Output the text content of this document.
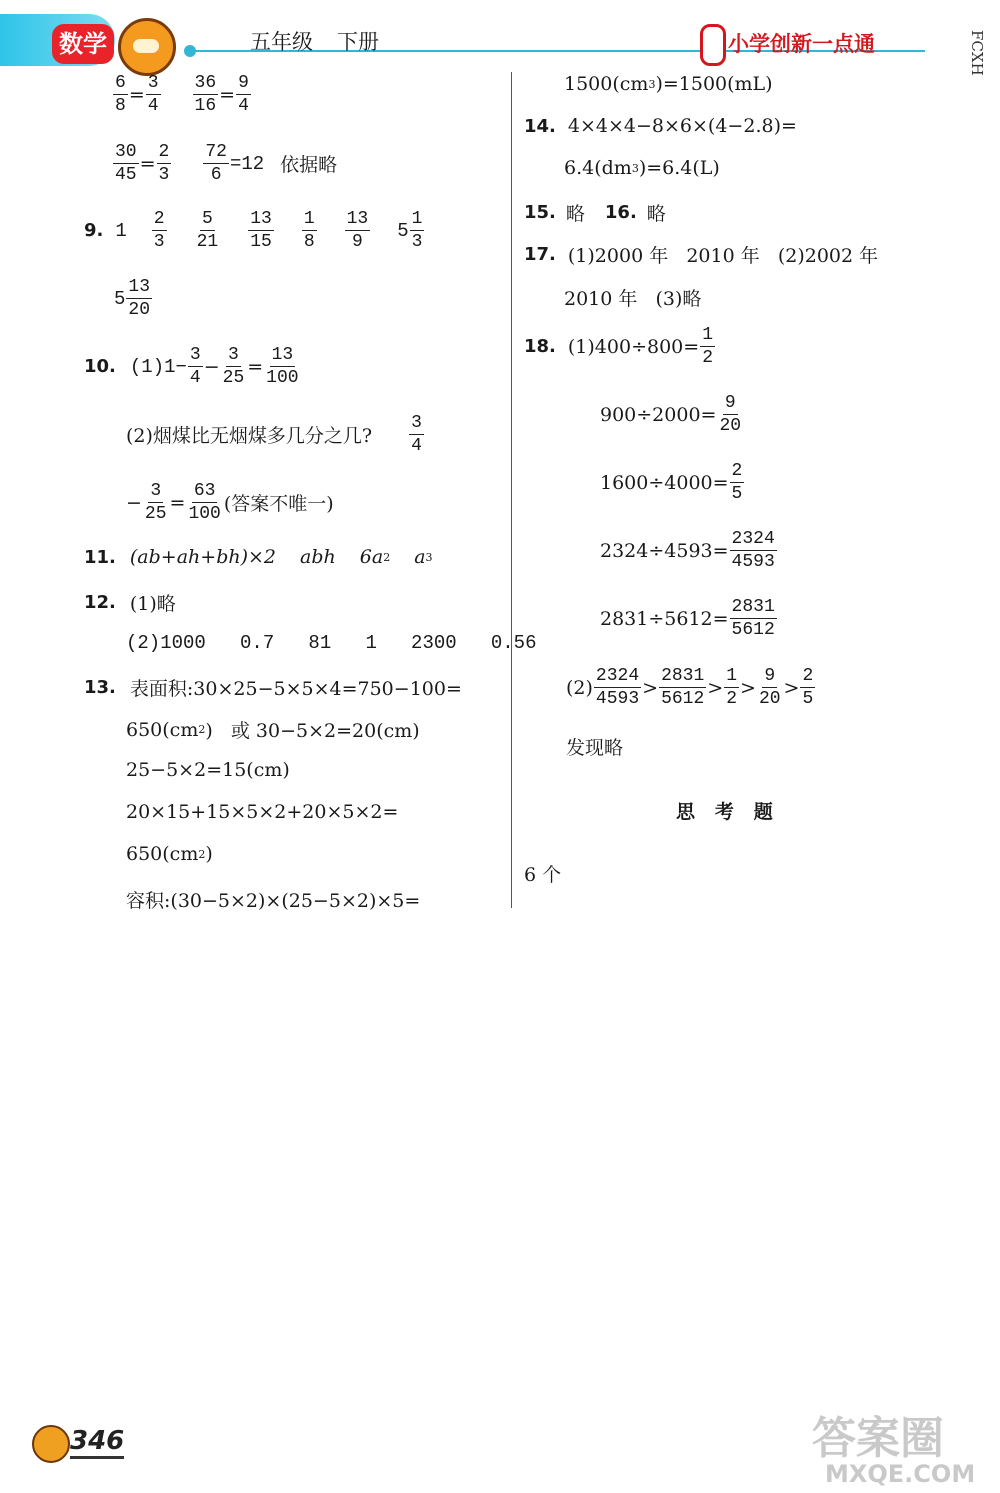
数学	五年级 下册	小学创新一点通	FCXH
6
8
=
3
4
36
16
=
9
4
30
45
=
2
$3 \frac{72}{6} =12$ 依据略
9. 1
2
3
5
21
13
15
1
8
13
9
5
1
3
5
13
20
10. $(1)1- \frac{3}{4} - \frac{3}{25} = \frac{13}{100}$
(2)烟煤比无烟煤多几分之几?
3
4
− $\frac{3}{25} = \frac{63}{100}$ (答案不唯一)
11. (ab+ah+bh)×2 abh 6a 2 a 3
12. (1)略
(2)1000   0.7   81   1   2300   0.56
13. 表面积:30×25−5×5×4=750−100=
650(cm 2 )   或 30−5×2=20(cm)
25−5×2=15(cm)
20×15+15×5×2+20×5×2=
650(cm 2 )
容积:(30−5×2)×(25−5×2)×5=
1500(cm 3 )=1500(mL)
14. 4×4×4−8×6×(4−2.8)=
6.4(dm 3 )=6.4(L)
15. 略 16. 略
17. (1)2000 年   2010 年   (2)2002 年
2010 年   (3)略
18. $(1)400\div 800= \frac{1}{2}$
$900\div 2000= \frac{9}{20}$
$1600\div 4000= \frac{2}{5}$
$2324\div 4593= \frac{2324}{4593}$
$2831\div 5612= \frac{2831}{5612}$
(2)
2324
4593
>
2831
5612
>
1
2
>
9
20
>
2
5
发现略
思   考   题
6 个
346	答案圈
MXQE.COM
